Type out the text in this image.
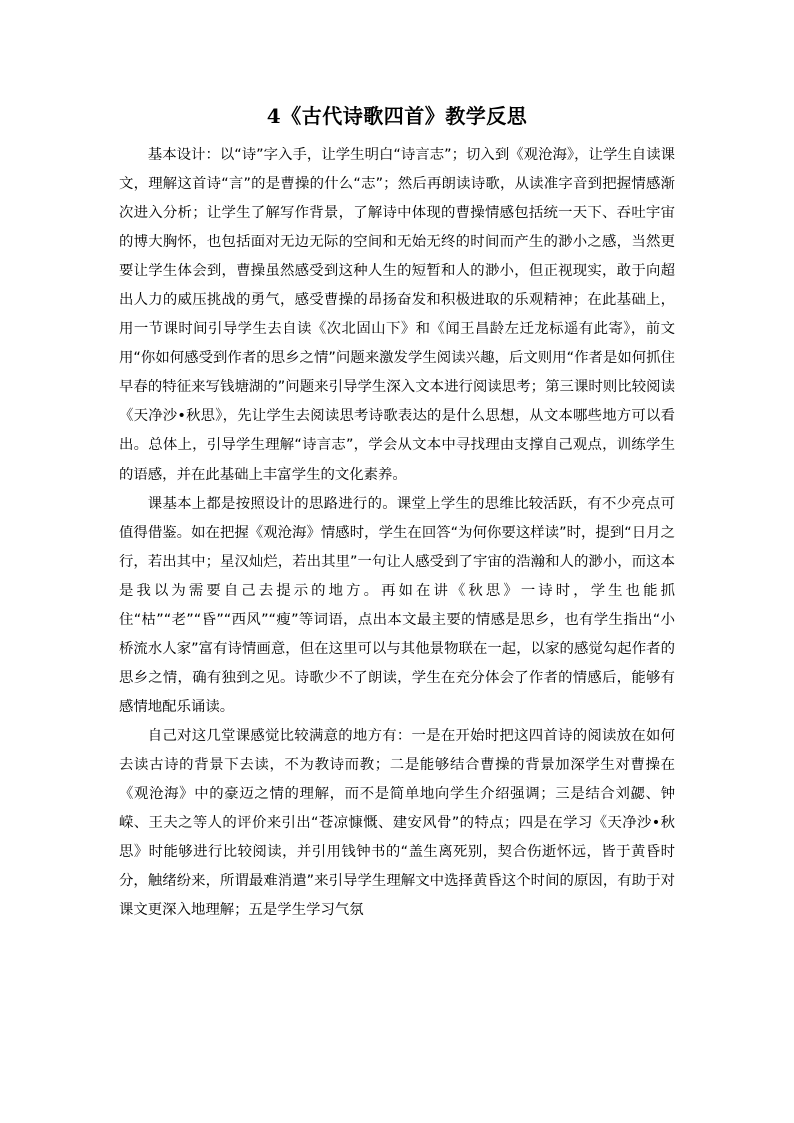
4《古代诗歌四首》教学反思

基本设计：以“诗”字入手，让学生明白“诗言志”；切入到《观沧海》，让学生自读课文，理解这首诗“言”的是曹操的什么“志”；然后再朗读诗歌，从读准字音到把握情感渐次进入分析；让学生了解写作背景，了解诗中体现的曹操情感包括统一天下、吞吐宇宙的博大胸怀，也包括面对无边无际的空间和无始无终的时间而产生的渺小之感，当然更要让学生体会到，曹操虽然感受到这种人生的短暂和人的渺小，但正视现实，敢于向超出人力的威压挑战的勇气，感受曹操的昂扬奋发和积极进取的乐观精神；在此基础上，用一节课时间引导学生去自读《次北固山下》和《闻王昌龄左迁龙标遥有此寄》，前文用“你如何感受到作者的思乡之情”问题来激发学生阅读兴趣，后文则用“作者是如何抓住早春的特征来写钱塘湖的”问题来引导学生深入文本进行阅读思考；第三课时则比较阅读《天净沙•秋思》，先让学生去阅读思考诗歌表达的是什么思想，从文本哪些地方可以看出。总体上，引导学生理解“诗言志”，学会从文本中寻找理由支撑自己观点，训练学生的语感，并在此基础上丰富学生的文化素养。

课基本上都是按照设计的思路进行的。课堂上学生的思维比较活跃，有不少亮点可值得借鉴。如在把握《观沧海》情感时，学生在回答“为何你要这样读”时，提到“日月之行，若出其中；星汉灿烂，若出其里”一句让人感受到了宇宙的浩瀚和人的渺小，而这本是我以为需要自己去提示的地方。再如在讲《秋思》一诗时，学生也能抓住“枯”“老”“昏”“西风”“瘦”等词语，点出本文最主要的情感是思乡，也有学生指出“小桥流水人家”富有诗情画意，但在这里可以与其他景物联在一起，以家的感觉勾起作者的思乡之情，确有独到之见。诗歌少不了朗读，学生在充分体会了作者的情感后，能够有感情地配乐诵读。

自己对这几堂课感觉比较满意的地方有：一是在开始时把这四首诗的阅读放在如何去读古诗的背景下去读，不为教诗而教；二是能够结合曹操的背景加深学生对曹操在《观沧海》中的豪迈之情的理解，而不是简单地向学生介绍强调；三是结合刘勰、钟嵘、王夫之等人的评价来引出“苍凉慷慨、建安风骨”的特点；四是在学习《天净沙•秋思》时能够进行比较阅读，并引用钱钟书的“盖生离死别，契合伤逝怀远，皆于黄昏时分，触绪纷来，所谓最难消遣”来引导学生理解文中选择黄昏这个时间的原因，有助于对课文更深入地理解；五是学生学习气氛
